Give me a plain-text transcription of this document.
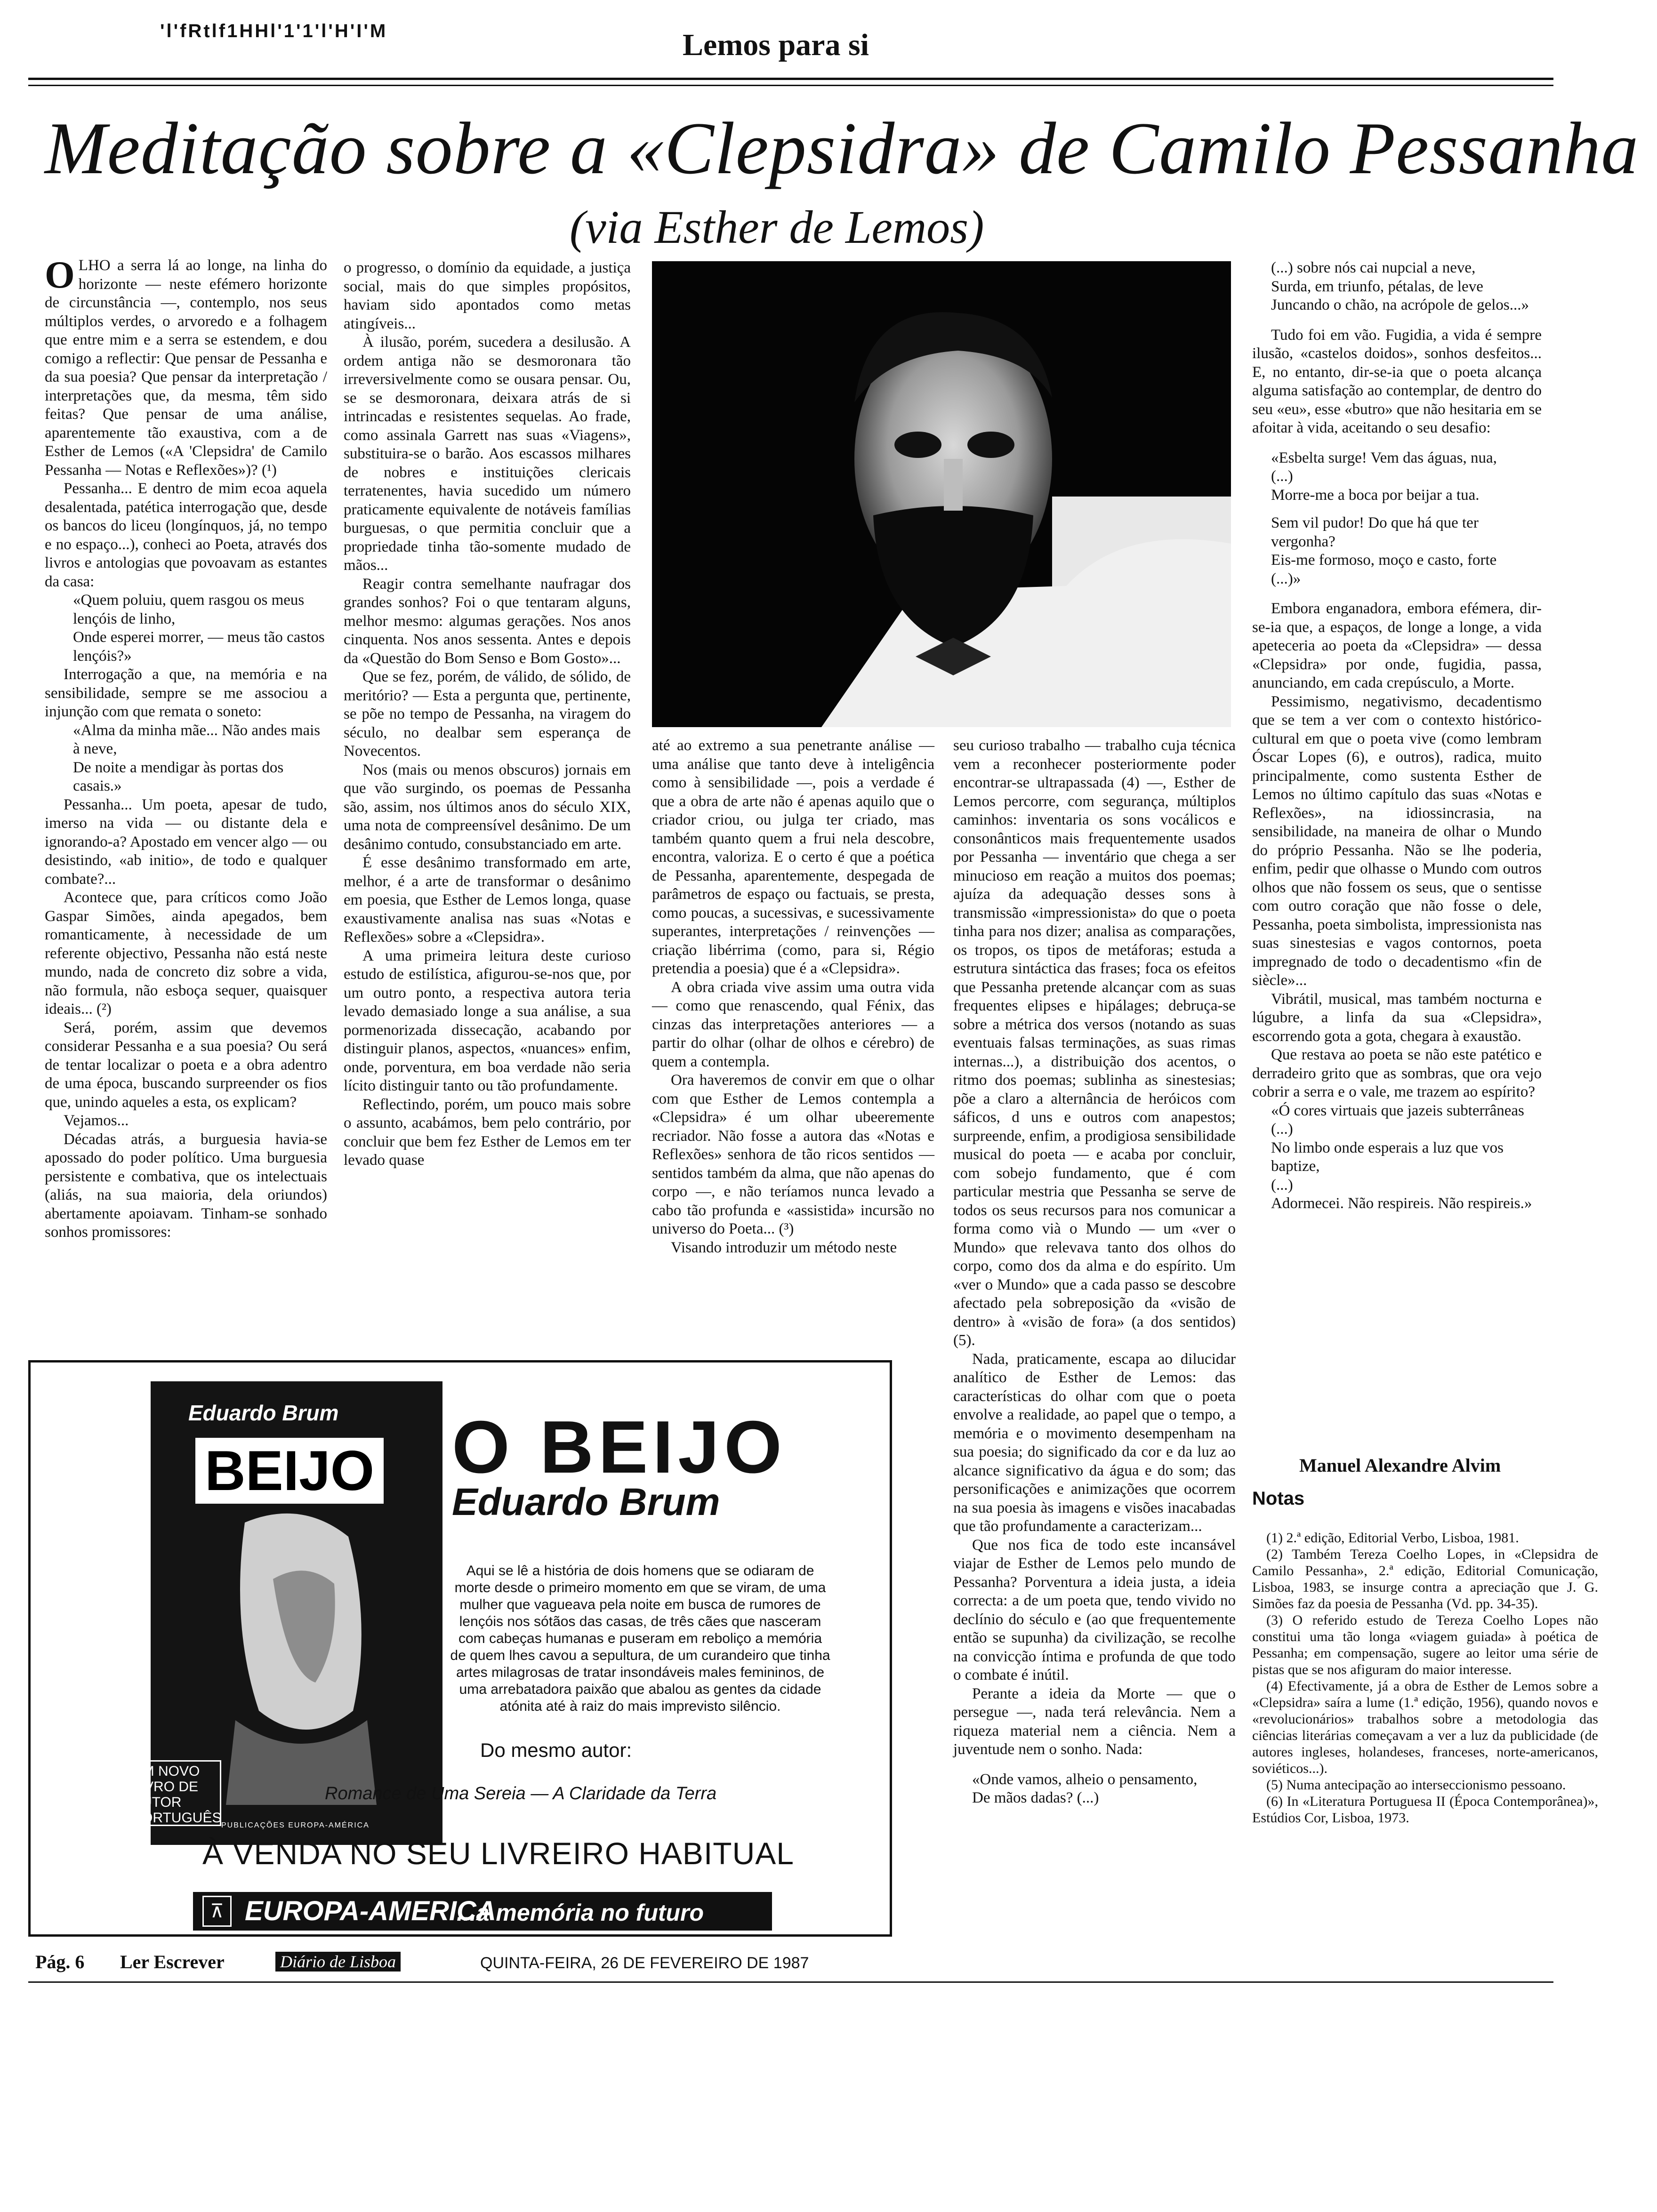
'l'fRtlf1HHl'1'1'l'H'I'M	Lemos para si
Meditação sobre a «Clepsidra» de Camilo Pessanha
(via Esther de Lemos)

OLHO a serra lá ao longe, na linha do horizonte — neste efémero horizonte de circunstância —, contemplo, nos seus múltiplos verdes, o arvoredo e a folhagem que entre mim e a serra se estendem, e dou comigo a reflectir: Que pensar de Pessanha e da sua poesia? Que pensar da interpretação / interpretações que, da mesma, têm sido feitas? Que pensar de uma análise, aparentemente tão exaustiva, com a de Esther de Lemos («A 'Clepsidra' de Camilo Pessanha — Notas e Reflexões»)? (¹)

Pessanha... E dentro de mim ecoa aquela desalentada, patética interrogação que, desde os bancos do liceu (longínquos, já, no tempo e no espaço...), conheci ao Poeta, através dos livros e antologias que povoavam as estantes da casa:

«Quem poluiu, quem rasgou os meus lençóis de linho,

Onde esperei morrer, — meus tão castos lençóis?»

Interrogação a que, na memória e na sensibilidade, sempre se me associou a injunção com que remata o soneto:

«Alma da minha mãe... Não andes mais à neve,

De noite a mendigar às portas dos casais.»

Pessanha... Um poeta, apesar de tudo, imerso na vida — ou distante dela e ignorando-a? Apostado em vencer algo — ou desistindo, «ab initio», de todo e qualquer combate?...

Acontece que, para críticos como João Gaspar Simões, ainda apegados, bem romanticamente, à necessidade de um referente objectivo, Pessanha não está neste mundo, nada de concreto diz sobre a vida, não formula, não esboça sequer, quaisquer ideais... (²)

Será, porém, assim que devemos considerar Pessanha e a sua poesia? Ou será de tentar localizar o poeta e a obra adentro de uma época, buscando surpreender os fios que, unindo aqueles a esta, os explicam?

Vejamos...

Décadas atrás, a burguesia havia-se apossado do poder político. Uma burguesia persistente e combativa, que os intelectuais (aliás, na sua maioria, dela oriundos) abertamente apoiavam. Tinham-se sonhado sonhos promissores:

o progresso, o domínio da equidade, a justiça social, mais do que simples propósitos, haviam sido apontados como metas atingíveis...

À ilusão, porém, sucedera a desilusão. A ordem antiga não se desmoronara tão irreversivelmente como se ousara pensar. Ou, se se desmoronara, deixara atrás de si intrincadas e resistentes sequelas. Ao frade, como assinala Garrett nas suas «Viagens», substituira-se o barão. Aos escassos milhares de nobres e instituições clericais terratenentes, havia sucedido um número praticamente equivalente de notáveis famílias burguesas, o que permitia concluir que a propriedade tinha tão-somente mudado de mãos...

Reagir contra semelhante naufragar dos grandes sonhos? Foi o que tentaram alguns, melhor mesmo: algumas gerações. Nos anos cinquenta. Nos anos sessenta. Antes e depois da «Questão do Bom Senso e Bom Gosto»...

Que se fez, porém, de válido, de sólido, de meritório? — Esta a pergunta que, pertinente, se põe no tempo de Pessanha, na viragem do século, no dealbar sem esperança de Novecentos.

Nos (mais ou menos obscuros) jornais em que vão surgindo, os poemas de Pessanha são, assim, nos últimos anos do século XIX, uma nota de compreensível desânimo. De um desânimo contudo, consubstanciado em arte.

É esse desânimo transformado em arte, melhor, é a arte de transformar o desânimo em poesia, que Esther de Lemos longa, quase exaustivamente analisa nas suas «Notas e Reflexões» sobre a «Clepsidra».

A uma primeira leitura deste curioso estudo de estilística, afigurou-se-nos que, por um outro ponto, a respectiva autora teria levado demasiado longe a sua análise, a sua pormenorizada dissecação, acabando por distinguir planos, aspectos, «nuances» enfim, onde, porventura, em boa verdade não seria lícito distinguir tanto ou tão profundamente.

Reflectindo, porém, um pouco mais sobre o assunto, acabámos, bem pelo contrário, por concluir que bem fez Esther de Lemos em ter levado quase

até ao extremo a sua penetrante análise — uma análise que tanto deve à inteligência como à sensibilidade —, pois a verdade é que a obra de arte não é apenas aquilo que o criador criou, ou julga ter criado, mas também quanto quem a frui nela descobre, encontra, valoriza. E o certo é que a poética de Pessanha, aparentemente, despegada de parâmetros de espaço ou factuais, se presta, como poucas, a sucessivas, e sucessivamente superantes, interpretações / reinvenções — criação libérrima (como, para si, Régio pretendia a poesia) que é a «Clepsidra».

A obra criada vive assim uma outra vida — como que renascendo, qual Fénix, das cinzas das interpretações anteriores — a partir do olhar (olhar de olhos e cérebro) de quem a contempla.

Ora haveremos de convir em que o olhar com que Esther de Lemos contempla a «Clepsidra» é um olhar ubeeremente recriador. Não fosse a autora das «Notas e Reflexões» senhora de tão ricos sentidos — sentidos também da alma, que não apenas do corpo —, e não teríamos nunca levado a cabo tão profunda e «assistida» incursão no universo do Poeta... (³)

Visando introduzir um método neste

seu curioso trabalho — trabalho cuja técnica vem a reconhecer posteriormente poder encontrar-se ultrapassada (4) —, Esther de Lemos percorre, com segurança, múltiplos caminhos: inventaria os sons vocálicos e consonânticos mais frequentemente usados por Pessanha — inventário que chega a ser minucioso em reação a muitos dos poemas; ajuíza da adequação desses sons à transmissão «impressionista» do que o poeta tinha para nos dizer; analisa as comparações, os tropos, os tipos de metáforas; estuda a estrutura sintáctica das frases; foca os efeitos que Pessanha pretende alcançar com as suas frequentes elipses e hipálages; debruça-se sobre a métrica dos versos (notando as suas eventuais falsas terminações, as suas rimas internas...), a distribuição dos acentos, o ritmo dos poemas; sublinha as sinestesias; põe a claro a alternância de heróicos com sáficos, d uns e outros com anapestos; surpreende, enfim, a prodigiosa sensibilidade musical do poeta — e acaba por concluir, com sobejo fundamento, que é com particular mestria que Pessanha se serve de todos os seus recursos para nos comunicar a forma como vià o Mundo — um «ver o Mundo» que relevava tanto dos olhos do corpo, como dos da alma e do espírito. Um «ver o Mundo» que a cada passo se descobre afectado pela sobreposição da «visão de dentro» à «visão de fora» (a dos sentidos) (5).

Nada, praticamente, escapa ao dilucidar analítico de Esther de Lemos: das características do olhar com que o poeta envolve a realidade, ao papel que o tempo, a memória e o movimento desempenham na sua poesia; do significado da cor e da luz ao alcance significativo da água e do som; das personificações e animizações que ocorrem na sua poesia às imagens e visões inacabadas que tão profundamente a caracterizam...

Que nos fica de todo este incansável viajar de Esther de Lemos pelo mundo de Pessanha? Porventura a ideia justa, a ideia correcta: a de um poeta que, tendo vivido no declínio do século e (ao que frequentemente então se supunha) da civilização, se recolhe na convicção íntima e profunda de que todo o combate é inútil.

Perante a ideia da Morte — que o persegue —, nada terá relevância. Nem a riqueza material nem a ciência. Nem a juventude nem o sonho. Nada:

«Onde vamos, alheio o pensamento,

De mãos dadas? (...)

(...) sobre nós cai nupcial a neve,

Surda, em triunfo, pétalas, de leve

Juncando o chão, na acrópole de gelos...»

Tudo foi em vão. Fugidia, a vida é sempre ilusão, «castelos doidos», sonhos desfeitos... E, no entanto, dir-se-ia que o poeta alcança alguma satisfação ao contemplar, de dentro do seu «eu», esse «butro» que não hesitaria em se afoitar à vida, aceitando o seu desafio:

«Esbelta surge! Vem das águas, nua,

(...)

Morre-me a boca por beijar a tua.

Sem vil pudor! Do que há que ter vergonha?

Eis-me formoso, moço e casto, forte

(...)»

Embora enganadora, embora efémera, dir-se-ia que, a espaços, de longe a longe, a vida apeteceria ao poeta da «Clepsidra» — dessa «Clepsidra» por onde, fugidia, passa, anunciando, em cada crepúsculo, a Morte.

Pessimismo, negativismo, decadentismo que se tem a ver com o contexto histórico-cultural em que o poeta vive (como lembram Óscar Lopes (6), e outros), radica, muito principalmente, como sustenta Esther de Lemos no último capítulo das suas «Notas e Reflexões», na idiossincrasia, na sensibilidade, na maneira de olhar o Mundo do próprio Pessanha. Não se lhe poderia, enfim, pedir que olhasse o Mundo com outros olhos que não fossem os seus, que o sentisse com outro coração que não fosse o dele, Pessanha, poeta simbolista, impressionista nas suas sinestesias e vagos contornos, poeta impregnado de todo o decadentismo «fin de siècle»...

Vibrátil, musical, mas também nocturna e lúgubre, a linfa da sua «Clepsidra», escorrendo gota a gota, chegara à exaustão.

Que restava ao poeta se não este patético e derradeiro grito que as sombras, que ora vejo cobrir a serra e o vale, me trazem ao espírito?

«Ó cores virtuais que jazeis subterrâneas

(...)

No limbo onde esperais a luz que vos baptize,

(...)

Adormecei. Não respireis. Não respireis.»

Manuel Alexandre Alvim
Notas

(1) 2.ª edição, Editorial Verbo, Lisboa, 1981.

(2) Também Tereza Coelho Lopes, in «Clepsidra de Camilo Pessanha», 2.ª edição, Editorial Comunicação, Lisboa, 1983, se insurge contra a apreciação que J. G. Simões faz da poesia de Pessanha (Vd. pp. 34-35).

(3) O referido estudo de Tereza Coelho Lopes não constitui uma tão longa «viagem guiada» à poética de Pessanha; em compensação, sugere ao leitor uma série de pistas que se nos afiguram do maior interesse.

(4) Efectivamente, já a obra de Esther de Lemos sobre a «Clepsidra» saíra a lume (1.ª edição, 1956), quando novos e «revolucionários» trabalhos sobre a metodologia das ciências literárias começavam a ver a luz da publicidade (de autores ingleses, holandeses, franceses, norte-americanos, soviéticos...).

(5) Numa antecipação ao interseccionismo pessoano.

(6) In «Literatura Portuguesa II (Época Contemporânea)», Estúdios Cor, Lisboa, 1973.

Eduardo Brum
BEIJO
PUBLICAÇÕES EUROPA-AMÉRICA
UM NOVO LIVRO DE AUTOR PORTUGUÊS
O BEIJO
Eduardo Brum
Aqui se lê a história de dois homens que se odiaram de morte desde o primeiro momento em que se viram, de uma mulher que vagueava pela noite em busca de rumores de lençóis nos sótãos das casas, de três cães que nasceram com cabeças humanas e puseram em reboliço a memória de quem lhes cavou a sepultura, de um curandeiro que tinha artes milagrosas de tratar insondáveis males femininos, de uma arrebatadora paixão que abalou as gentes da cidade atónita até à raiz do mais imprevisto silêncio.
Do mesmo autor:
Romance de Uma Sereia — A Claridade da Terra
À VENDA NO SEU LIVREIRO HABITUAL
⊼ EUROPA-AMERICA
...a memória no futuro
Pág. 6 Ler Escrever	Diário de Lisboa	QUINTA-FEIRA, 26 DE FEVEREIRO DE 1987
